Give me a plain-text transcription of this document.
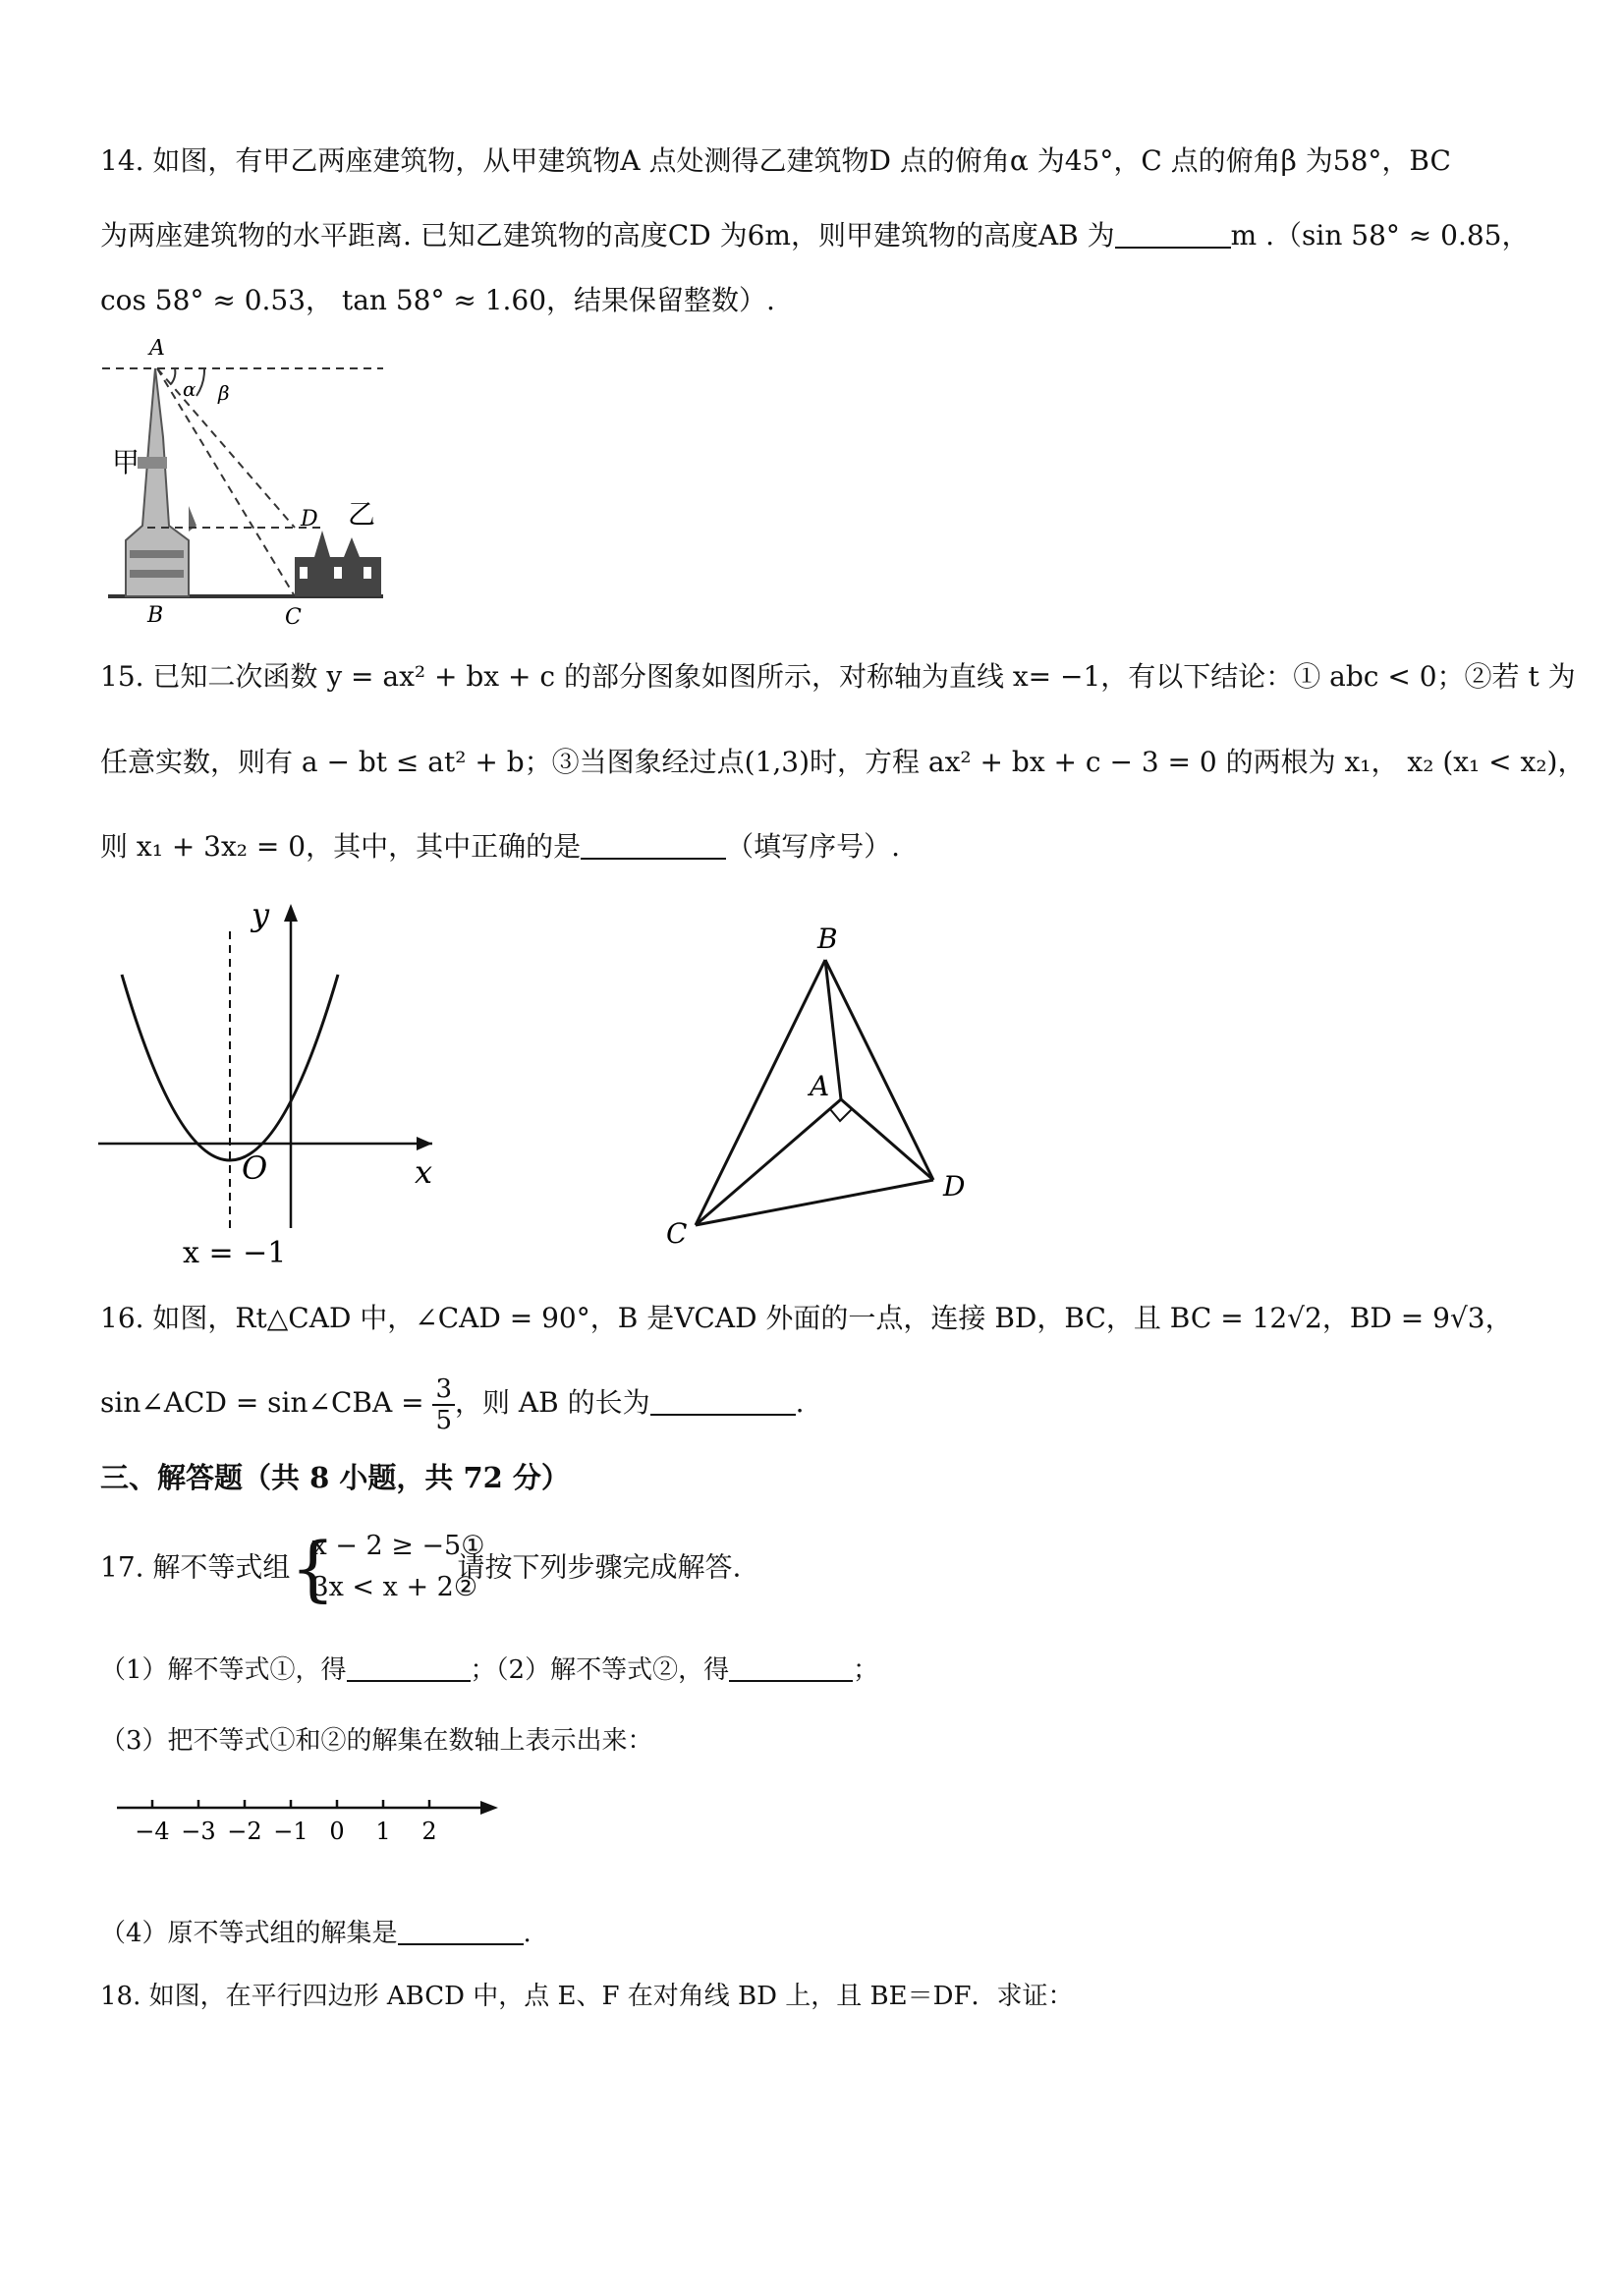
14. 如图，有甲乙两座建筑物，从甲建筑物A 点处测得乙建筑物D 点的俯角α 为45°，C 点的俯角β 为58°，BC
为两座建筑物的水平距离. 已知乙建筑物的高度CD 为6m，则甲建筑物的高度AB 为	m .（sin 58° ≈ 0.85，
cos 58° ≈ 0.53， tan 58° ≈ 1.60，结果保留整数）.
A
α β
甲
D 乙
B	C
15. 已知二次函数 y = ax² + bx + c 的部分图象如图所示，对称轴为直线 x= −1，有以下结论：① abc < 0；②若 t 为
任意实数，则有 a − bt ≤ at² + b；③当图象经过点(1,3)时，方程 ax² + bx + c − 3 = 0 的两根为 x₁， x₂ (x₁ < x₂)，
则 x₁ + 3x₂ = 0，其中，其中正确的是	（填写序号）.
y
x
O
x = −1
B
A
C
D
16. 如图，Rt△CAD 中，∠CAD = 90°，B 是VCAD 外面的一点，连接 BD，BC，且 BC = 12√2，BD = 9√3，
sin∠ACD = sin∠CBA = $\frac{3}{5}$ ，则 AB 的长为	.
三、解答题（共 8 小题，共 72 分）
17. 解不等式组 {
x − 2 ≥ −5①
3x < x + 2②
请按下列步骤完成解答.
（1）解不等式①，得	；（2）解不等式②，得	；
（3）把不等式①和②的解集在数轴上表示出来：
−4 −3 −2 −1 0 1 2
（4）原不等式组的解集是	.
18. 如图，在平行四边形 ABCD 中，点 E、F 在对角线 BD 上，且 BE＝DF．求证：
